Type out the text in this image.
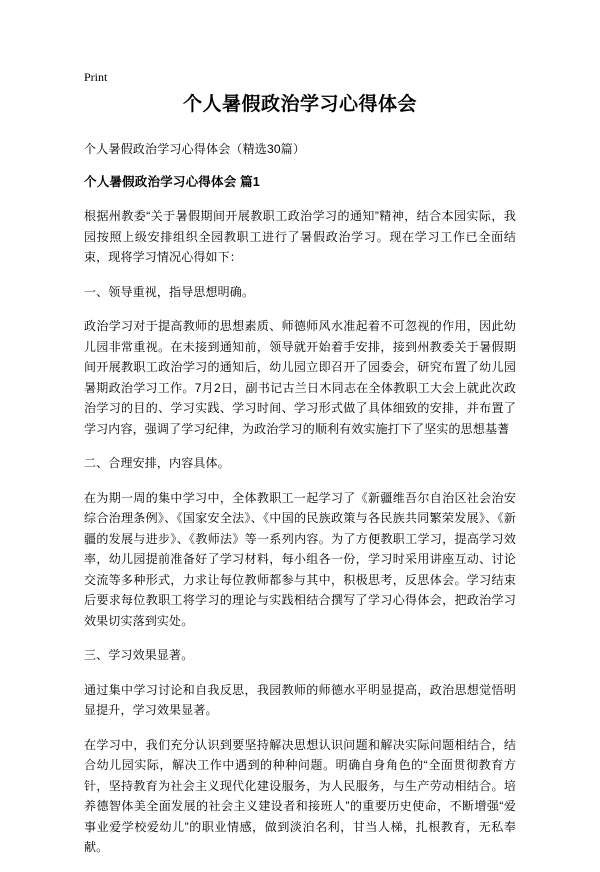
Print
个人暑假政治学习心得体会

个人暑假政治学习心得体会（精选30篇）

个人暑假政治学习心得体会 篇1

根据州教委“关于暑假期间开展教职工政治学习的通知”精神，结合本园实际，我园按照上级安排组织全园教职工进行了暑假政治学习。现在学习工作已全面结束，现将学习情况心得如下：

一、领导重视，指导思想明确。

政治学习对于提高教师的思想素质、师德师风水准起着不可忽视的作用，因此幼儿园非常重视。在未接到通知前，领导就开始着手安排，接到州教委关于暑假期间开展教职工政治学习的通知后，幼儿园立即召开了园委会，研究布置了幼儿园暑期政治学习工作。7月2日，副书记古兰日木同志在全体教职工大会上就此次政治学习的目的、学习实践、学习时间、学习形式做了具体细致的安排，并布置了学习内容，强调了学习纪律，为政治学习的顺利有效实施打下了坚实的思想基蓍

二、合理安排，内容具体。

在为期一周的集中学习中，全体教职工一起学习了《新疆维吾尔自治区社会治安综合治理条例》、《国家安全法》、《中国的民族政策与各民族共同繁荣发展》、《新疆的发展与进步》、《教师法》等一系列内容。为了方便教职工学习，提高学习效率，幼儿园提前准备好了学习材料，每小组各一份，学习时采用讲座互动、讨论交流等多种形式，力求让每位教师都参与其中，积极思考，反思体会。学习结束后要求每位教职工将学习的理论与实践相结合撰写了学习心得体会，把政治学习效果切实落到实处。

三、学习效果显著。

通过集中学习讨论和自我反思，我园教师的师德水平明显提高，政治思想觉悟明显提升，学习效果显著。

在学习中，我们充分认识到要坚持解决思想认识问题和解决实际问题相结合，结合幼儿园实际，解决工作中遇到的种种问题。明确自身角色的“全面贯彻教育方针，坚持教育为社会主义现代化建设服务，为人民服务，与生产劳动相结合。培养德智体美全面发展的社会主义建设者和接班人”的重要历史使命，不断增强“爱事业爱学校爱幼儿”的职业情感，做到淡泊名利，甘当人梯，扎根教育，无私奉献。
